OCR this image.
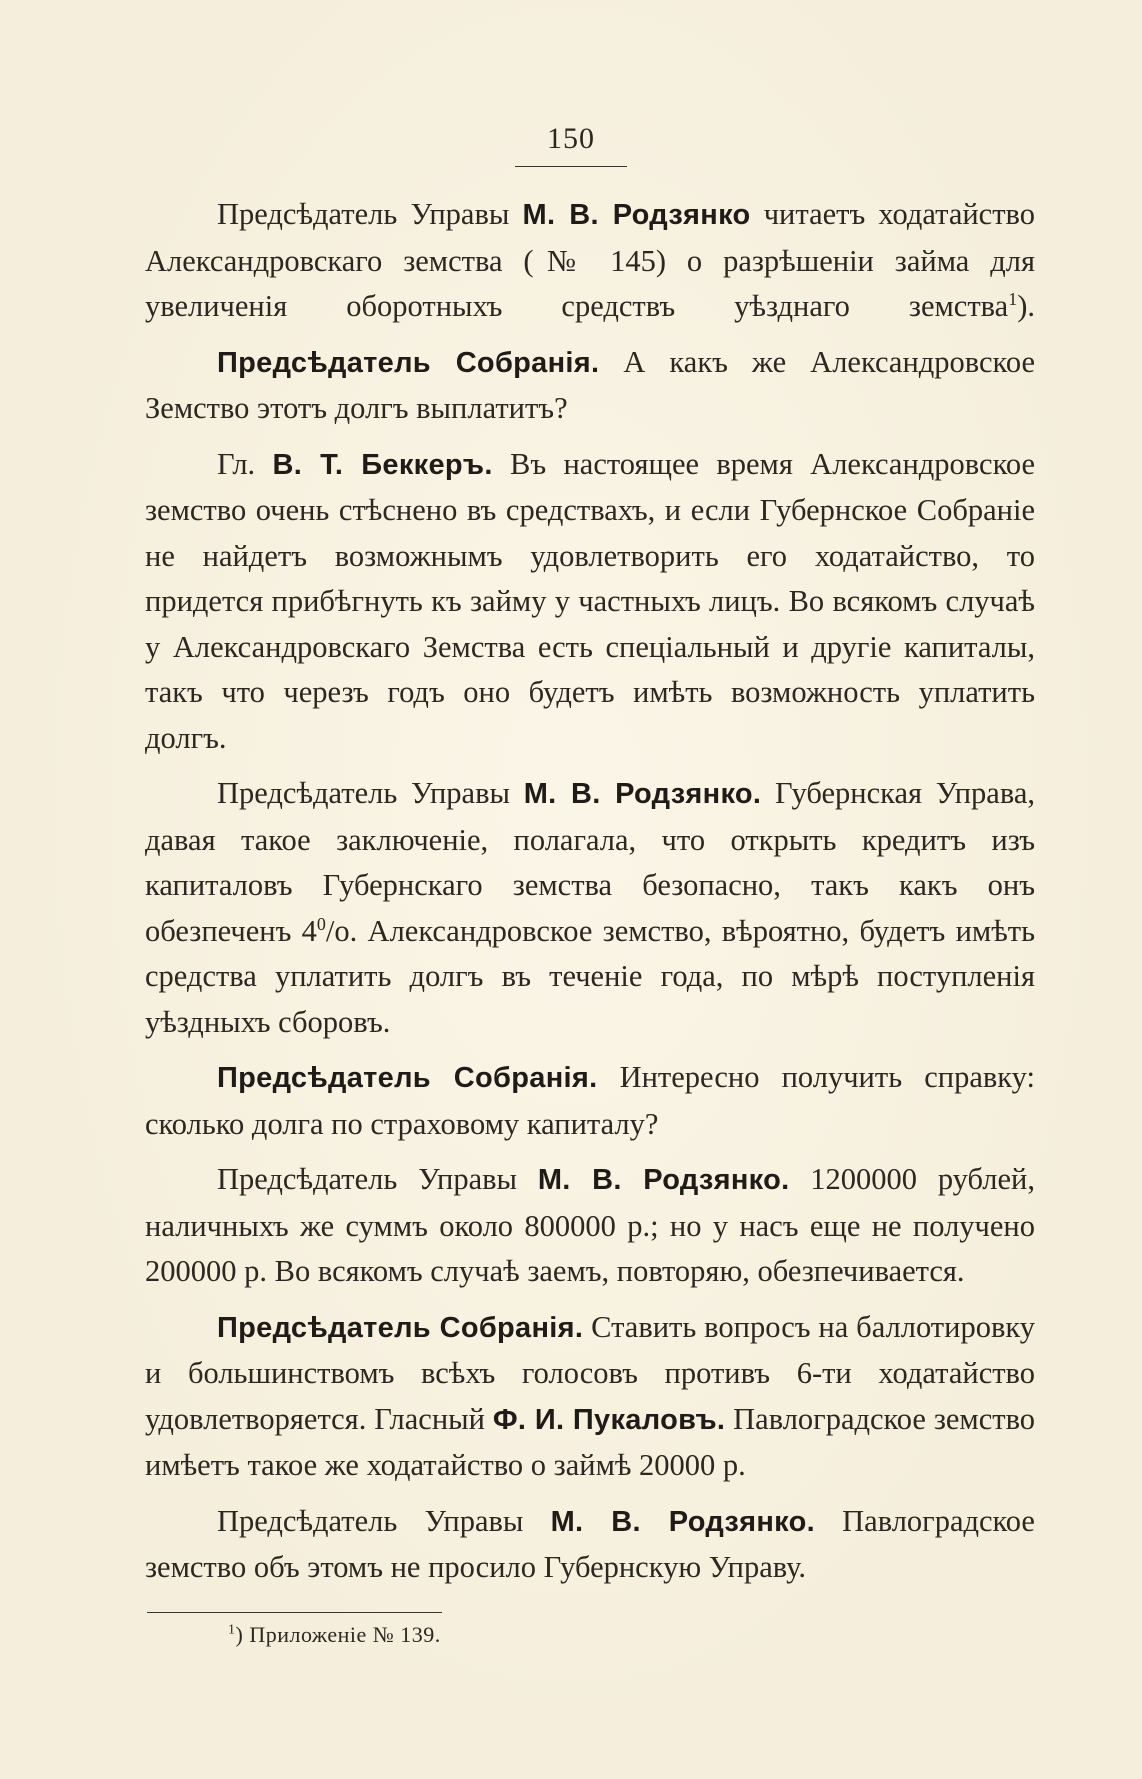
150

Предсѣдатель Управы М. В. Родзянко читаетъ ходатайство Александровскаго земства (№ 145) о разрѣшеніи займа для увеличенія оборотныхъ средствъ уѣзднаго земства$^1$).

Предсѣдатель Собранія. А какъ же Александровское Земство этотъ долгъ выплатитъ?

Гл. В. Т. Беккеръ. Въ настоящее время Александровское земство очень стѣснено въ средствахъ, и если Губернское Собраніе не найдетъ возможнымъ удовлетворить его ходатайство, то придется прибѣгнуть къ займу у частныхъ лицъ. Во всякомъ случаѣ у Александровскаго Земства есть спеціальный и другіе капиталы, такъ что черезъ годъ оно будетъ имѣть возможность уплатить долгъ.

Предсѣдатель Управы М. В. Родзянко. Губернская Управа, давая такое заключеніе, полагала, что открыть кредитъ изъ капиталовъ Губернскаго земства безопасно, такъ какъ онъ обезпеченъ $4^0/о$. Александровское земство, вѣроятно, будетъ имѣть средства уплатить долгъ въ теченіе года, по мѣрѣ поступленія уѣздныхъ сборовъ.

Предсѣдатель Собранія. Интересно получить справку: сколько долга по страховому капиталу?

Предсѣдатель Управы М. В. Родзянко. 1200000 рублей, наличныхъ же суммъ около 800000 р.; но у насъ еще не получено 200000 р. Во всякомъ случаѣ заемъ, повторяю, обезпечивается.

Предсѣдатель Собранія. Ставить вопросъ на баллотировку и большинствомъ всѣхъ голосовъ противъ 6-ти ходатайство удовлетворяется. Гласный Ф. И. Пукаловъ. Павлоградское земство имѣетъ такое же ходатайство о займѣ 20000 р.

Предсѣдатель Управы М. В. Родзянко. Павлоградское земство объ этомъ не просило Губернскую Управу.

$^1$) Приложеніе № 139.
